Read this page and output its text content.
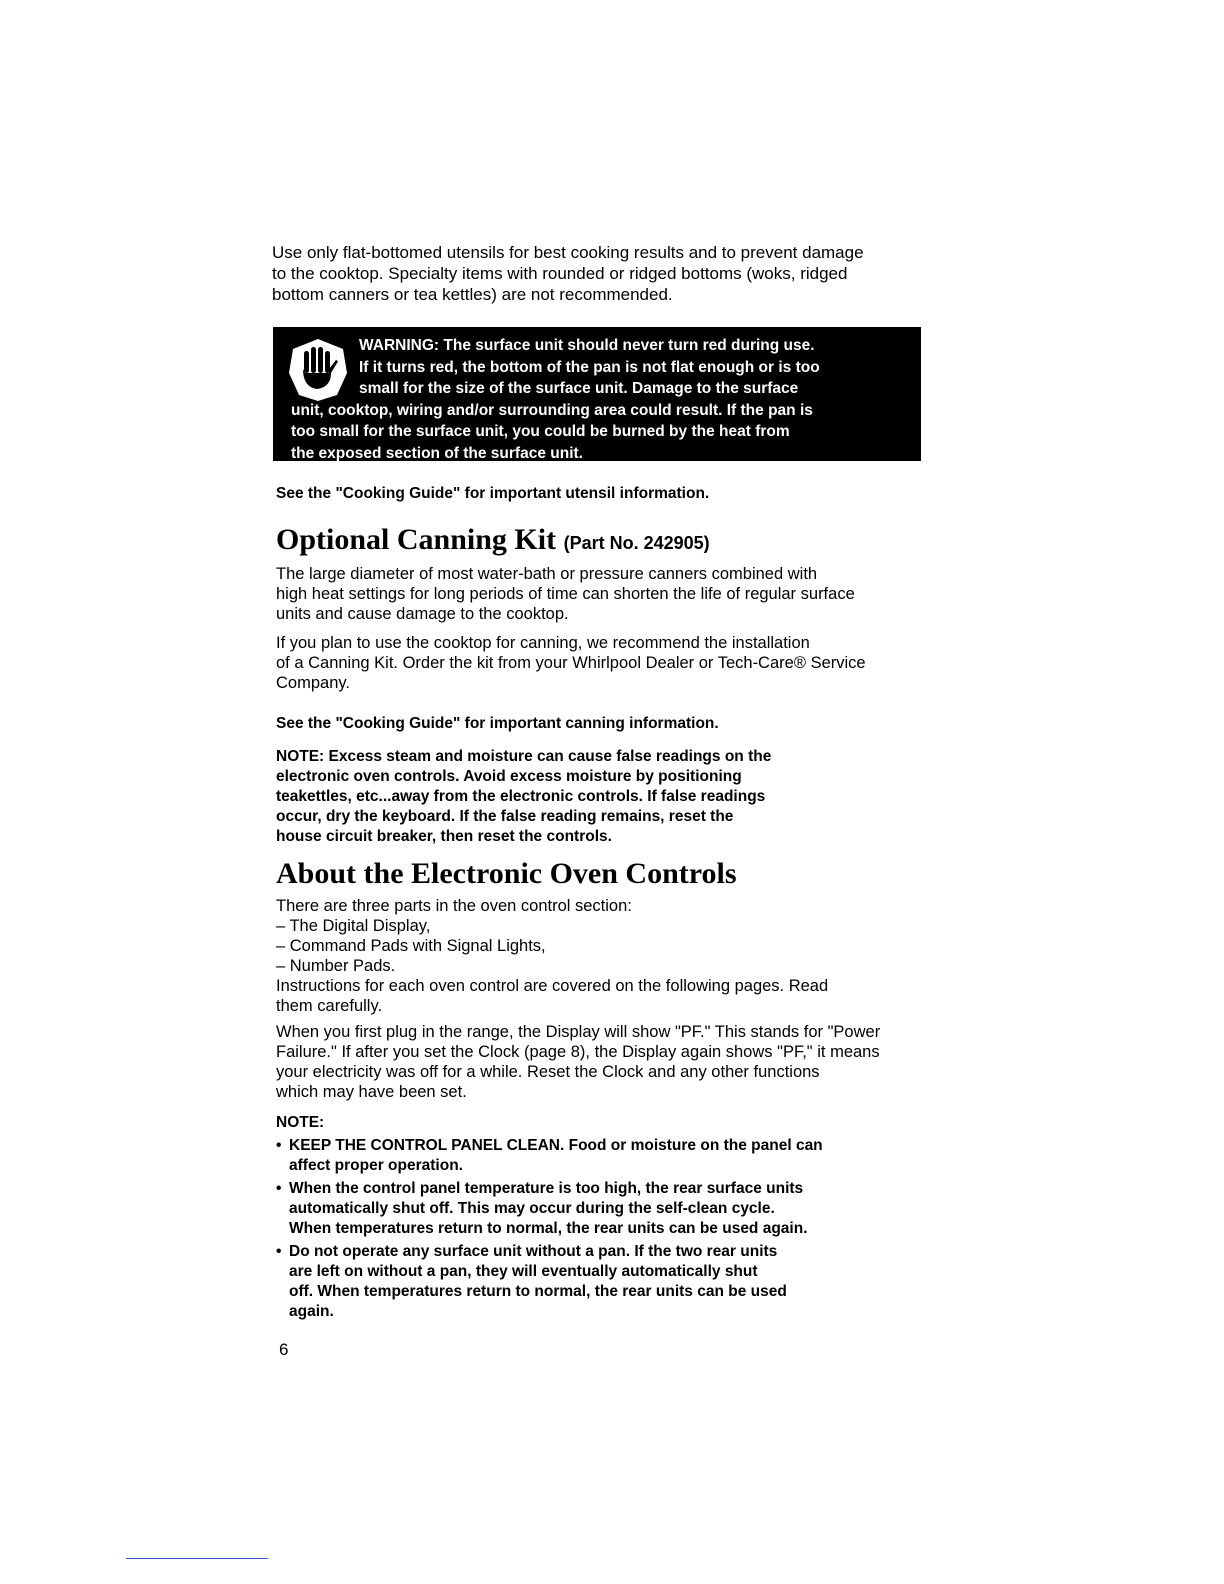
Use only flat-bottomed utensils for best cooking results and to prevent damage
to the cooktop. Specialty items with rounded or ridged bottoms (woks, ridged
bottom canners or tea kettles) are not recommended.

WARNING: The surface unit should never turn red during use.
If it turns red, the bottom of the pan is not flat enough or is too
small for the size of the surface unit. Damage to the surface
unit, cooktop, wiring and/or surrounding area could result. If the pan is
too small for the surface unit, you could be burned by the heat from
the exposed section of the surface unit.

See the "Cooking Guide" for important utensil information.

Optional Canning Kit (Part No. 242905)

The large diameter of most water-bath or pressure canners combined with
high heat settings for long periods of time can shorten the life of regular surface
units and cause damage to the cooktop.

If you plan to use the cooktop for canning, we recommend the installation
of a Canning Kit. Order the kit from your Whirlpool Dealer or Tech-Care® Service
Company.

See the "Cooking Guide" for important canning information.

NOTE: Excess steam and moisture can cause false readings on the
electronic oven controls. Avoid excess moisture by positioning
teakettles, etc...away from the electronic controls. If false readings
occur, dry the keyboard. If the false reading remains, reset the
house circuit breaker, then reset the controls.

About the Electronic Oven Controls
There are three parts in the oven control section:
– The Digital Display,
– Command Pads with Signal Lights,
– Number Pads.
Instructions for each oven control are covered on the following pages. Read
them carefully.

When you first plug in the range, the Display will show "PF." This stands for "Power
Failure." If after you set the Clock (page 8), the Display again shows "PF," it means
your electricity was off for a while. Reset the Clock and any other functions
which may have been set.

NOTE:

• KEEP THE CONTROL PANEL CLEAN. Food or moisture on the panel can
affect proper operation.
• When the control panel temperature is too high, the rear surface units
automatically shut off. This may occur during the self-clean cycle.
When temperatures return to normal, the rear units can be used again.
• Do not operate any surface unit without a pan. If the two rear units
are left on without a pan, they will eventually automatically shut
off. When temperatures return to normal, the rear units can be used
again.

6
